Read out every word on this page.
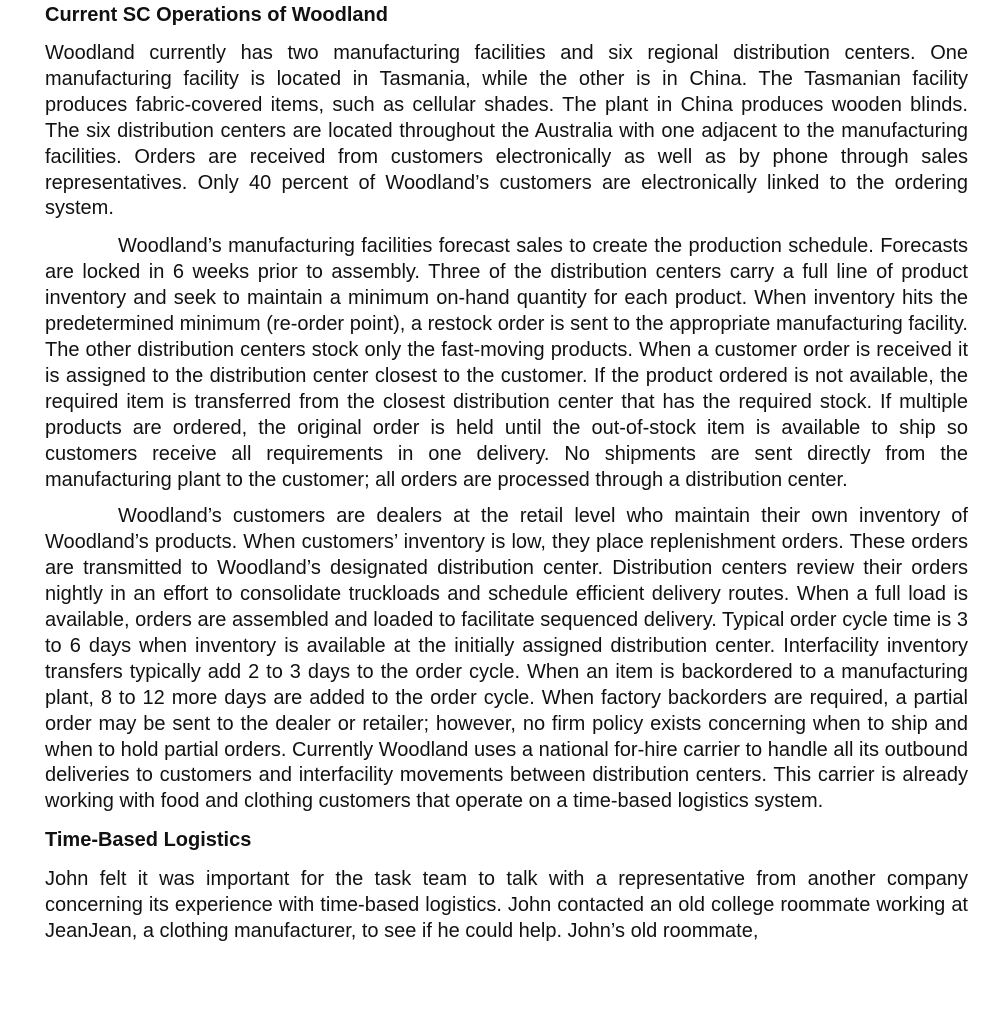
Current SC Operations of Woodland

Woodland currently has two manufacturing facilities and six regional distribution centers. One manufacturing facility is located in Tasmania, while the other is in China. The Tasmanian facility produces fabric-covered items, such as cellular shades. The plant in China produces wooden blinds. The six distribution centers are located throughout the Australia with one adjacent to the manufacturing facilities. Orders are received from customers electronically as well as by phone through sales representatives. Only 40 percent of Woodland’s customers are electronically linked to the ordering system.

Woodland’s manufacturing facilities forecast sales to create the production schedule. Forecasts are locked in 6 weeks prior to assembly. Three of the distribution centers carry a full line of product inventory and seek to maintain a minimum on-hand quantity for each product. When inventory hits the predetermined minimum (re-order point), a restock order is sent to the appropriate manufacturing facility. The other distribution centers stock only the fast-moving products. When a customer order is received it is assigned to the distribution center closest to the customer. If the product ordered is not available, the required item is transferred from the closest distribution center that has the required stock. If multiple products are ordered, the original order is held until the out-of-stock item is available to ship so customers receive all requirements in one delivery. No shipments are sent directly from the manufacturing plant to the customer; all orders are processed through a distribution center.

Woodland’s customers are dealers at the retail level who maintain their own inventory of Woodland’s products. When customers’ inventory is low, they place replenishment orders. These orders are transmitted to Woodland’s designated distribution center. Distribution centers review their orders nightly in an effort to consolidate truckloads and schedule efficient delivery routes. When a full load is available, orders are assembled and loaded to facilitate sequenced delivery. Typical order cycle time is 3 to 6 days when inventory is available at the initially assigned distribution center. Interfacility inventory transfers typically add 2 to 3 days to the order cycle. When an item is backordered to a manufacturing plant, 8 to 12 more days are added to the order cycle. When factory backorders are required, a partial order may be sent to the dealer or retailer; however, no firm policy exists concerning when to ship and when to hold partial orders. Currently Woodland uses a national for-hire carrier to handle all its outbound deliveries to customers and interfacility movements between distribution centers. This carrier is already working with food and clothing customers that operate on a time-based logistics system.

Time-Based Logistics

John felt it was important for the task team to talk with a representative from another company concerning its experience with time-based logistics. John contacted an old college roommate working at JeanJean, a clothing manufacturer, to see if he could help. John’s old roommate,
